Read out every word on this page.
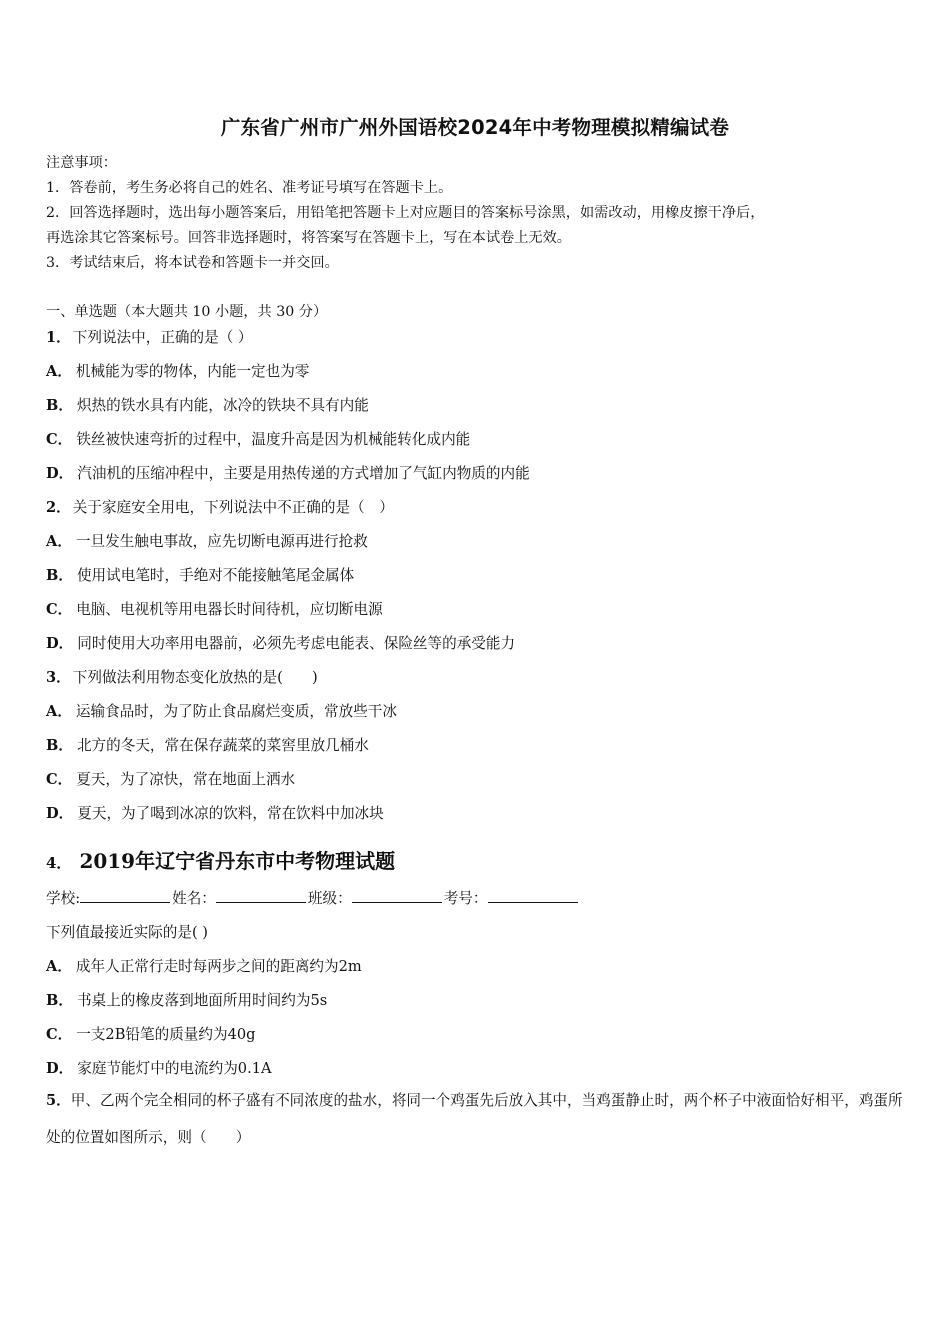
广东省广州市广州外国语校2024年中考物理模拟精编试卷
注意事项：
1．答卷前，考生务必将自己的姓名、准考证号填写在答题卡上。
2．回答选择题时，选出每小题答案后，用铅笔把答题卡上对应题目的答案标号涂黑，如需改动，用橡皮擦干净后，
再选涂其它答案标号。回答非选择题时，将答案写在答题卡上，写在本试卷上无效。
3．考试结束后，将本试卷和答题卡一并交回。
一、单选题（本大题共 10 小题，共 30 分）
1． 下列说法中，正确的是（ ）
A． 机械能为零的物体，内能一定也为零
B． 炽热的铁水具有内能，冰冷的铁块不具有内能
C． 铁丝被快速弯折的过程中，温度升高是因为机械能转化成内能
D． 汽油机的压缩冲程中，主要是用热传递的方式增加了气缸内物质的内能
2． 关于家庭安全用电，下列说法中不正确的是（　）
A． 一旦发生触电事故，应先切断电源再进行抢救
B． 使用试电笔时，手绝对不能接触笔尾金属体
C． 电脑、电视机等用电器长时间待机，应切断电源
D． 同时使用大功率用电器前，必须先考虑电能表、保险丝等的承受能力
3． 下列做法利用物态变化放热的是(　　)
A． 运输食品时，为了防止食品腐烂变质，常放些干冰
B． 北方的冬天，常在保存蔬菜的菜窖里放几桶水
C． 夏天，为了凉快，常在地面上洒水
D． 夏天，为了喝到冰凉的饮料，常在饮料中加冰块
4． 2019年辽宁省丹东市中考物理试题
学校:	姓名：	班级：	考号：
下列值最接近实际的是( )
A． 成年人正常行走时每两步之间的距离约为2m
B． 书桌上的橡皮落到地面所用时间约为5s
C． 一支2B铅笔的质量约为40g
D． 家庭节能灯中的电流约为0.1A
5．甲、乙两个完全相同的杯子盛有不同浓度的盐水，将同一个鸡蛋先后放入其中，当鸡蛋静止时，两个杯子中液面恰好相平，鸡蛋所处的位置如图所示，则（　　）
